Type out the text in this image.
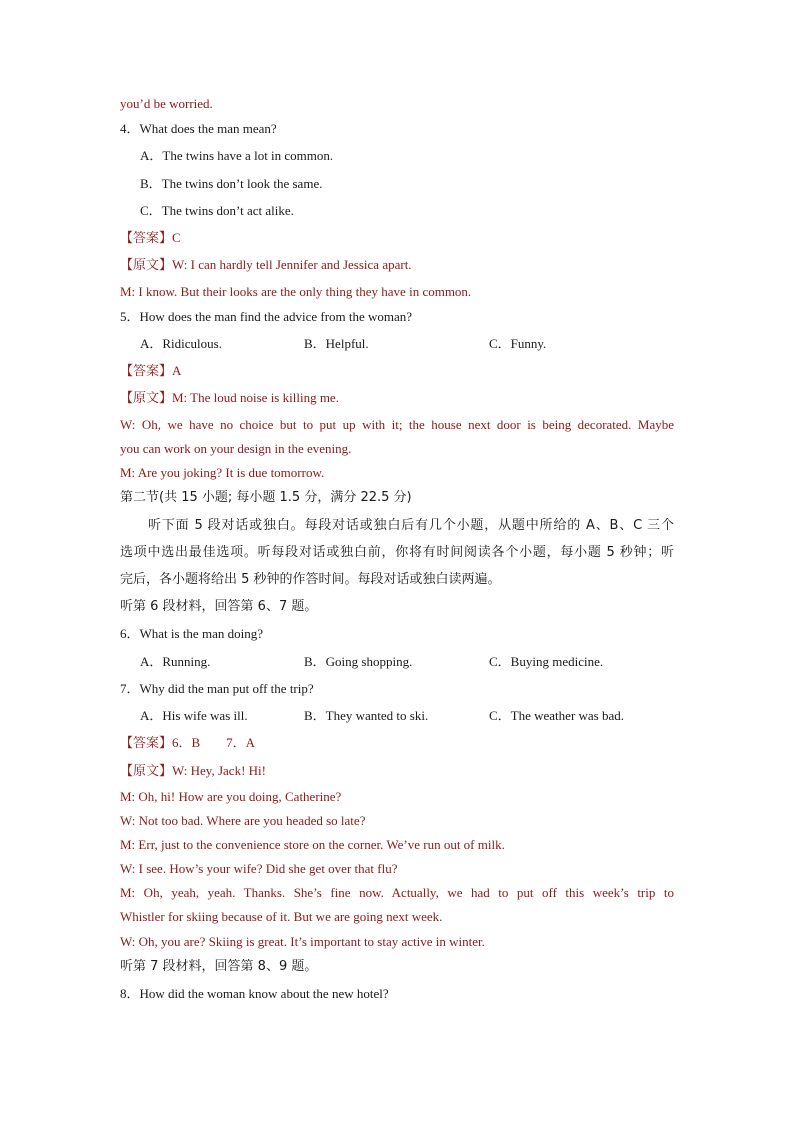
you’d be worried.
4．What does the man mean?
A．The twins have a lot in common.
B．The twins don’t look the same.
C．The twins don’t act alike.
【答案】C
【原文】W: I can hardly tell Jennifer and Jessica apart.
M: I know. But their looks are the only thing they have in common.
5．How does the man find the advice from the woman?
A．Ridiculous.	B．Helpful.	C．Funny.
【答案】A
【原文】M: The loud noise is killing me.
W: Oh, we have no choice but to put up with it; the house next door is being decorated. Maybe
you can work on your design in the evening.
M: Are you joking? It is due tomorrow.
第二节(共 15 小题; 每小题 1.5 分，满分 22.5 分)
听下面 5 段对话或独白。每段对话或独白后有几个小题，从题中所给的 A、B、C 三个
选项中选出最佳选项。听每段对话或独白前，你将有时间阅读各个小题，每小题 5 秒钟；听
完后，各小题将给出 5 秒钟的作答时间。每段对话或独白读两遍。
听第 6 段材料，回答第 6、7 题。
6．What is the man doing?
A．Running.	B．Going shopping.	C．Buying medicine.
7．Why did the man put off the trip?
A．His wife was ill.	B．They wanted to ski.	C．The weather was bad.
【答案】6．B　　7．A
【原文】W: Hey, Jack! Hi!
M: Oh, hi! How are you doing, Catherine?
W: Not too bad. Where are you headed so late?
M: Err, just to the convenience store on the corner. We’ve run out of milk.
W: I see. How’s your wife? Did she get over that flu?
M: Oh, yeah, yeah. Thanks. She’s fine now. Actually, we had to put off this week’s trip to
Whistler for skiing because of it. But we are going next week.
W: Oh, you are? Skiing is great. It’s important to stay active in winter.
听第 7 段材料，回答第 8、9 题。
8．How did the woman know about the new hotel?
